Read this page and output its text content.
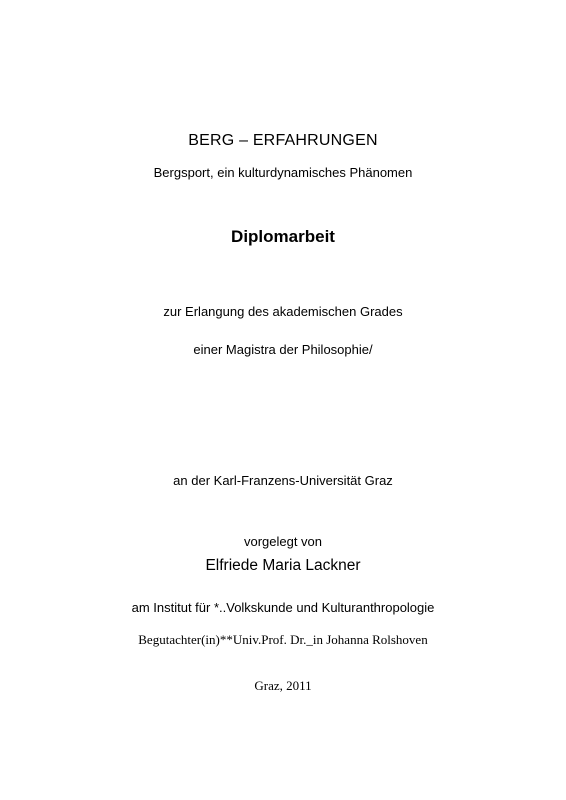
BERG – ERFAHRUNGEN
Bergsport, ein kulturdynamisches Phänomen
Diplomarbeit
zur Erlangung des akademischen Grades
einer Magistra der Philosophie/
an der Karl-Franzens-Universität Graz
vorgelegt von
Elfriede Maria Lackner
am Institut für *..Volkskunde und Kulturanthropologie
Begutachter(in)**Univ.Prof. Dr._in Johanna Rolshoven
Graz, 2011
